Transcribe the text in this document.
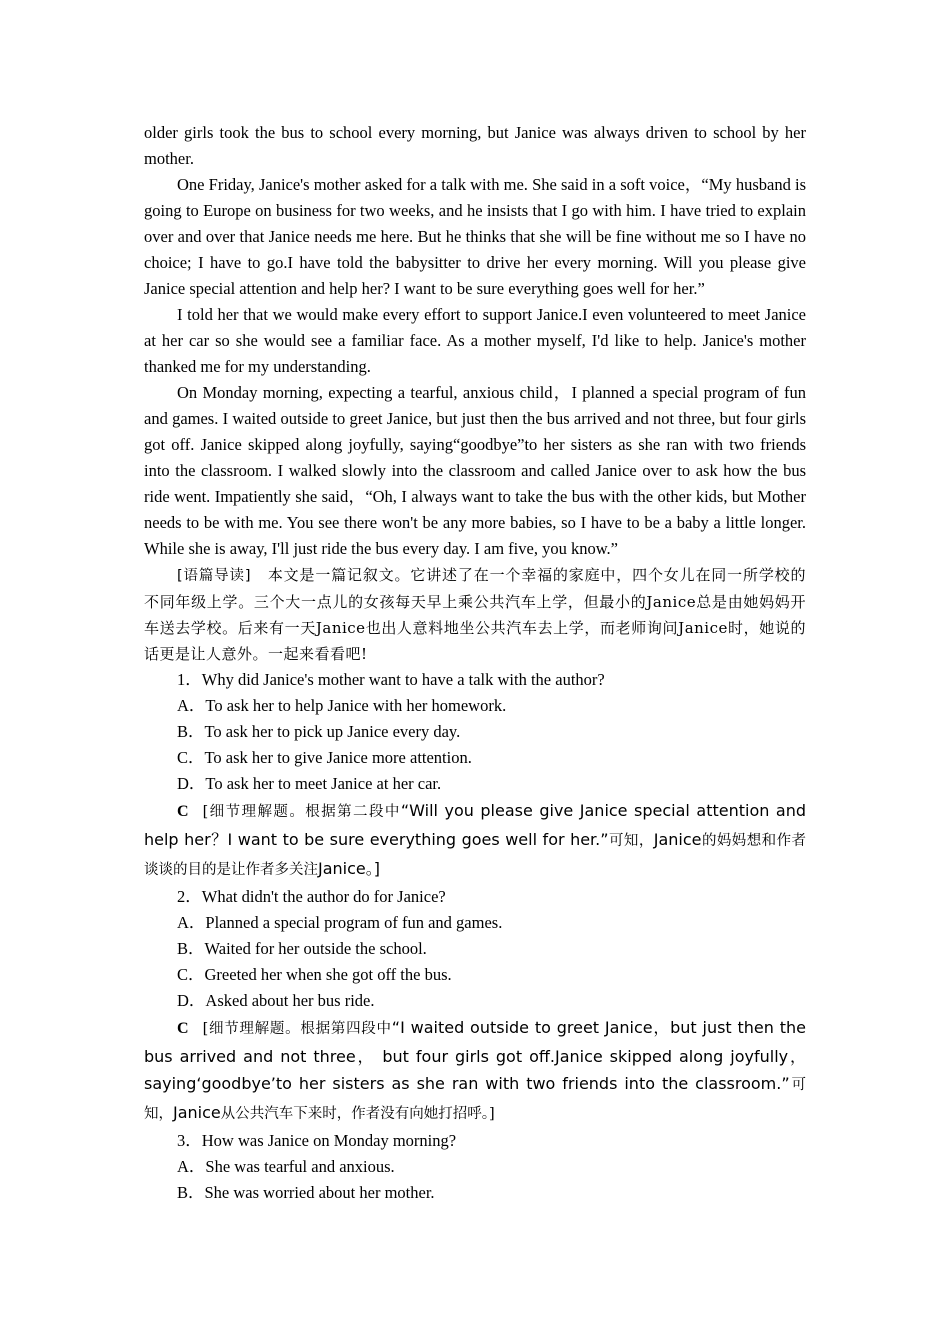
older girls took the bus to school every morning, but Janice was always driven to school by her mother.

One Friday, Janice's mother asked for a talk with me. She said in a soft voice，“My husband is going to Europe on business for two weeks, and he insists that I go with him. I have tried to explain over and over that Janice needs me here. But he thinks that she will be fine without me so I have no choice; I have to go.I have told the babysitter to drive her every morning. Will you please give Janice special attention and help her? I want to be sure everything goes well for her.”

I told her that we would make every effort to support Janice.I even volunteered to meet Janice at her car so she would see a familiar face. As a mother myself, I'd like to help. Janice's mother thanked me for my understanding.

On Monday morning, expecting a tearful, anxious child，I planned a special program of fun and games. I waited outside to greet Janice, but just then the bus arrived and not three, but four girls got off. Janice skipped along joyfully, saying“goodbye”to her sisters as she ran with two friends into the classroom. I walked slowly into the classroom and called Janice over to ask how the bus ride went. Impatiently she said，“Oh, I always want to take the bus with the other kids, but Mother needs to be with me. You see there won't be any more babies, so I have to be a baby a little longer. While she is away, I'll just ride the bus every day. I am five, you know.”

[语篇导读] 本文是一篇记叙文。它讲述了在一个幸福的家庭中，四个女儿在同一所学校的不同年级上学。三个大一点儿的女孩每天早上乘公共汽车上学，但最小的Janice总是由她妈妈开车送去学校。后来有一天Janice也出人意料地坐公共汽车去上学，而老师询问Janice时，她说的话更是让人意外。一起来看看吧!

1．Why did Janice's mother want to have a talk with the author?

A．To ask her to help Janice with her homework.

B．To ask her to pick up Janice every day.

C．To ask her to give Janice more attention.

D．To ask her to meet Janice at her car.

C [细节理解题。根据第二段中“Will you please give Janice special attention and help her？I want to be sure everything goes well for her.”可知，Janice的妈妈想和作者谈谈的目的是让作者多关注Janice。]

2．What didn't the author do for Janice?

A．Planned a special program of fun and games.

B．Waited for her outside the school.

C．Greeted her when she got off the bus.

D．Asked about her bus ride.

C [细节理解题。根据第四段中“I waited outside to greet Janice，but just then the bus arrived and not three， but four girls got off.Janice skipped along joyfully， saying‘goodbye’to her sisters as she ran with two friends into the classroom.”可知，Janice从公共汽车下来时，作者没有向她打招呼。]

3．How was Janice on Monday morning?

A．She was tearful and anxious.

B．She was worried about her mother.
